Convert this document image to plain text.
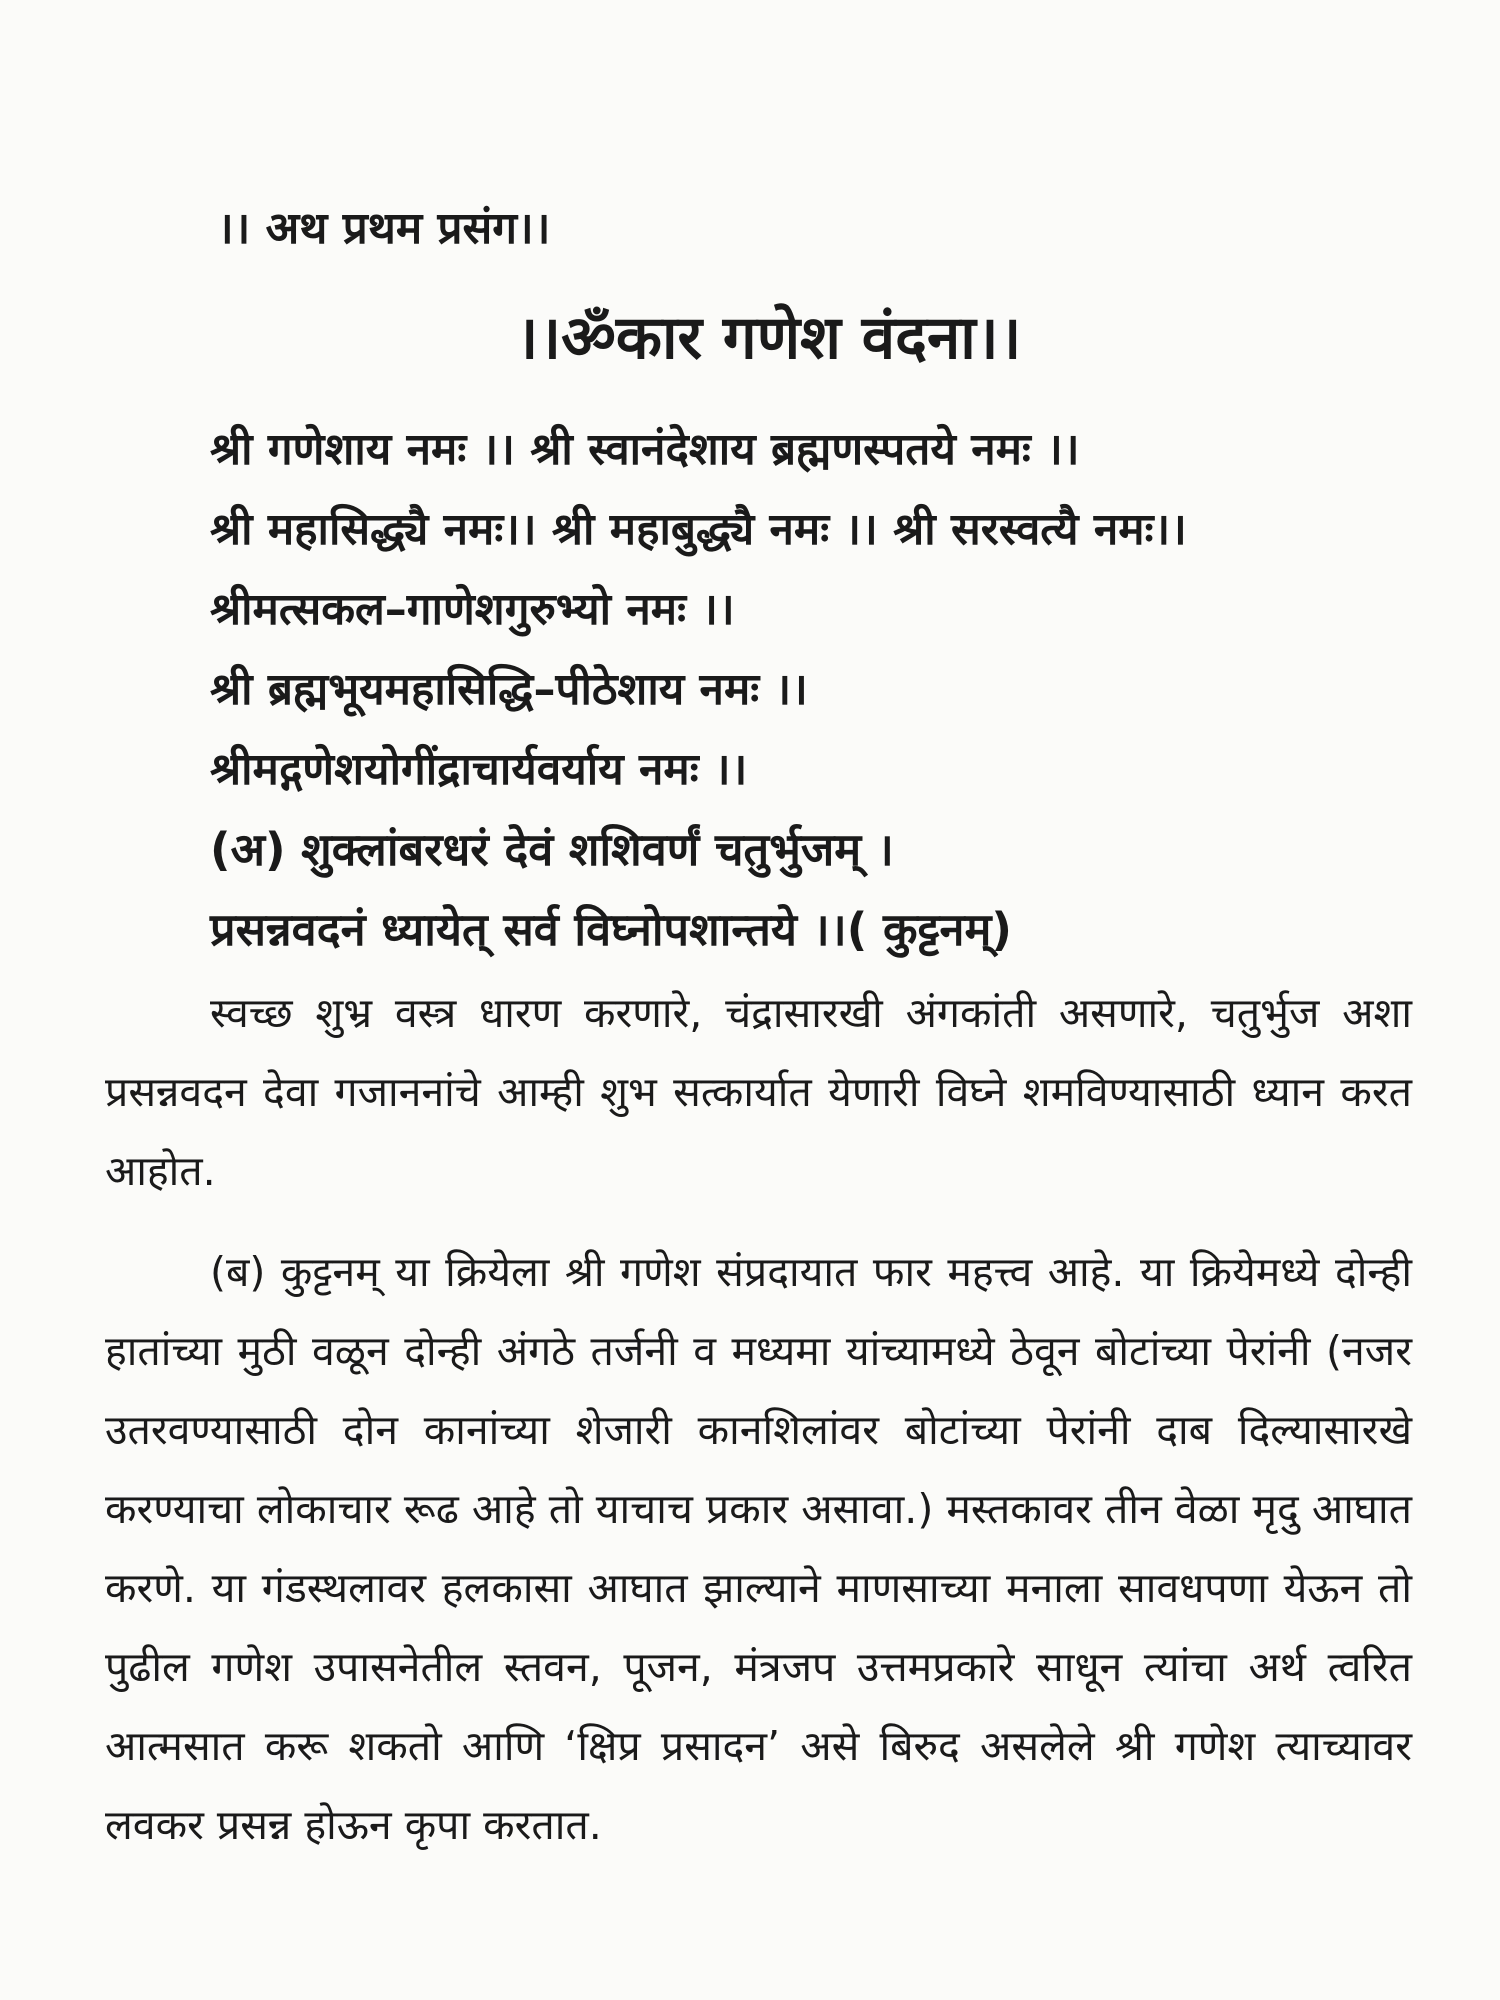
।। अथ प्रथम प्रसंग।।
।।ॐकार गणेश वंदना।।
श्री गणेशाय नमः ।। श्री स्वानंदेशाय ब्रह्मणस्पतये नमः ।।
श्री महासिद्ध्यै नमः।। श्री महाबुद्ध्यै नमः ।। श्री सरस्वत्यै नमः।।
श्रीमत्सकल–गाणेशगुरुभ्यो नमः ।।
श्री ब्रह्मभूयमहासिद्धि–पीठेशाय नमः ।।
श्रीमद्गणेशयोगींद्राचार्यवर्याय नमः ।।
(अ) शुक्लांबरधरं देवं शशिवर्णं चतुर्भुजम् ।
प्रसन्नवदनं ध्यायेत् सर्व विघ्नोपशान्तये ।।( कुट्टनम्)

स्वच्छ शुभ्र वस्त्र धारण करणारे, चंद्रासारखी अंगकांती असणारे, चतुर्भुज अशा प्रसन्नवदन देवा गजाननांचे आम्ही शुभ सत्कार्यात येणारी विघ्ने शमविण्यासाठी ध्यान करत आहोत.

(ब) कुट्टनम् या क्रियेला श्री गणेश संप्रदायात फार महत्त्व आहे. या क्रियेमध्ये दोन्ही हातांच्या मुठी वळून दोन्ही अंगठे तर्जनी व मध्यमा यांच्यामध्ये ठेवून बोटांच्या पेरांनी (नजर उतरवण्यासाठी दोन कानांच्या शेजारी कानशिलांवर बोटांच्या पेरांनी दाब दिल्यासारखे करण्याचा लोकाचार रूढ आहे तो याचाच प्रकार असावा.) मस्तकावर तीन वेळा मृदु आघात करणे. या गंडस्थलावर हलकासा आघात झाल्याने माणसाच्या मनाला सावधपणा येऊन तो पुढील गणेश उपासनेतील स्तवन, पूजन, मंत्रजप उत्तमप्रकारे साधून त्यांचा अर्थ त्वरित आत्मसात करू शकतो आणि ‘क्षिप्र प्रसादन’ असे बिरुद असलेले श्री गणेश त्याच्यावर लवकर प्रसन्न होऊन कृपा करतात.
